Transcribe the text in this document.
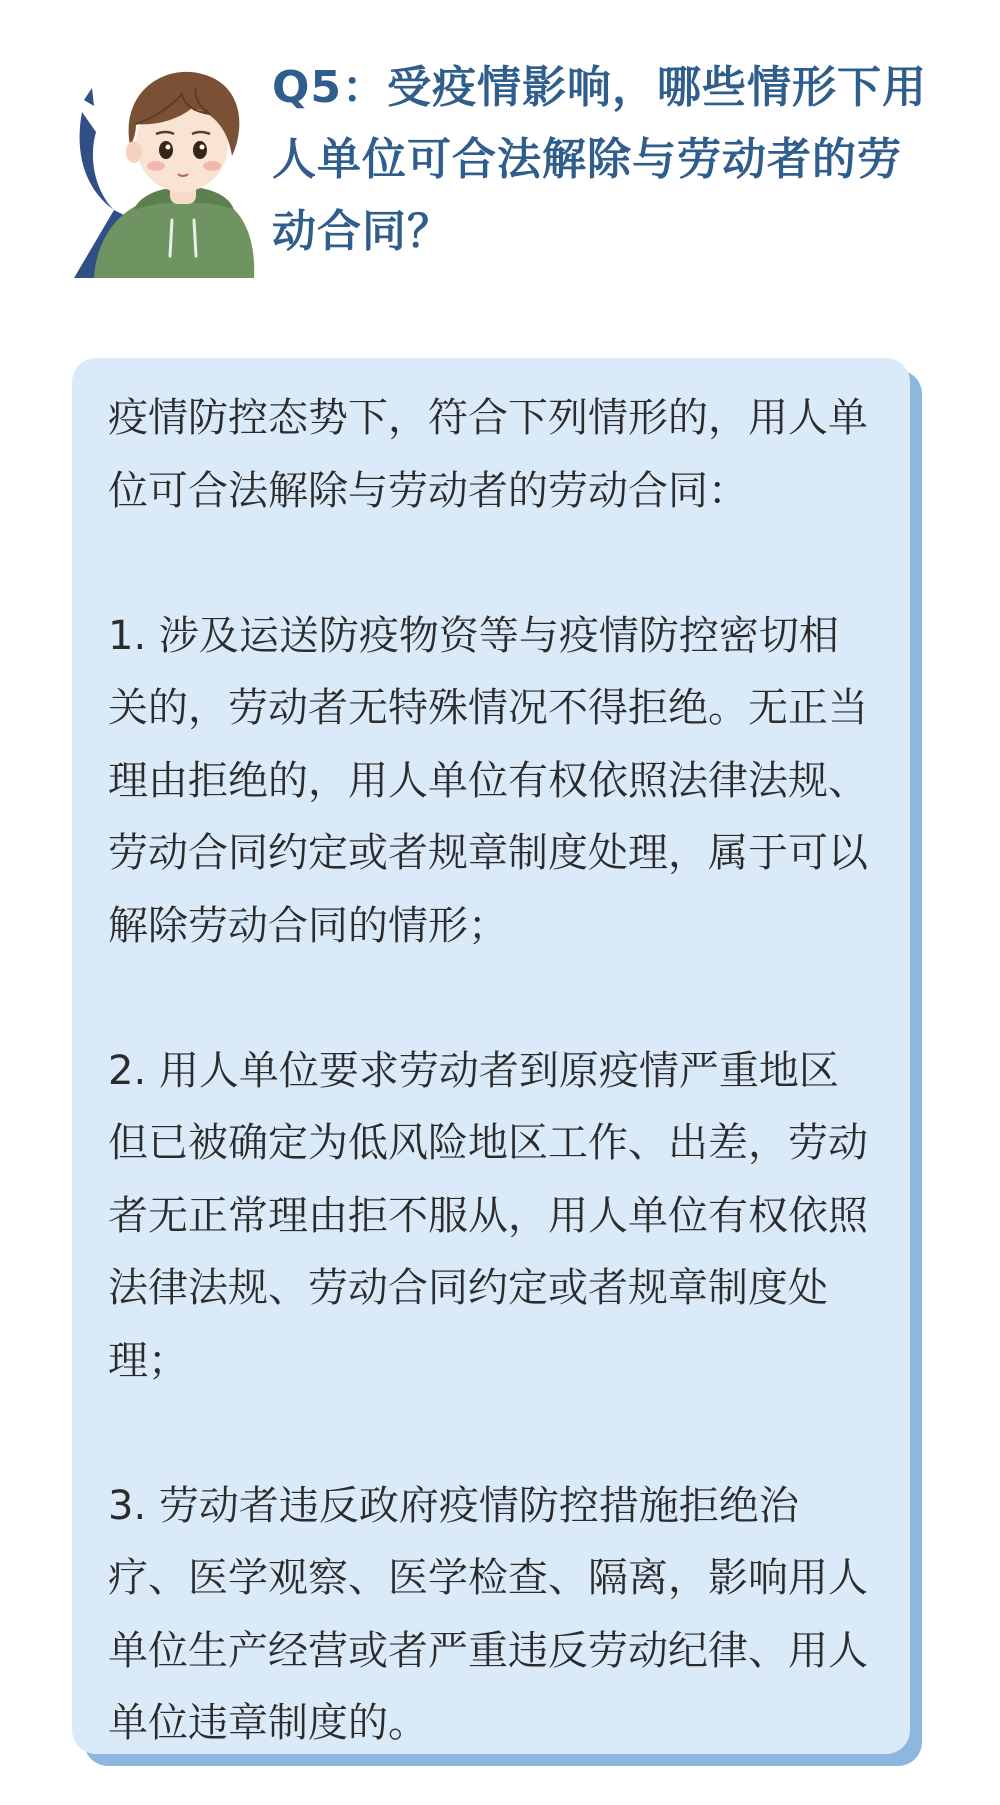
Q5：受疫情影响，哪些情形下用人单位可合法解除与劳动者的劳动合同？

疫情防控态势下，符合下列情形的，用人单位可合法解除与劳动者的劳动合同：

1. 涉及运送防疫物资等与疫情防控密切相关的，劳动者无特殊情况不得拒绝。无正当理由拒绝的，用人单位有权依照法律法规、劳动合同约定或者规章制度处理，属于可以解除劳动合同的情形；

2. 用人单位要求劳动者到原疫情严重地区但已被确定为低风险地区工作、出差，劳动者无正常理由拒不服从，用人单位有权依照法律法规、劳动合同约定或者规章制度处理；

3. 劳动者违反政府疫情防控措施拒绝治疗、医学观察、医学检查、隔离，影响用人单位生产经营或者严重违反劳动纪律、用人单位违章制度的。
